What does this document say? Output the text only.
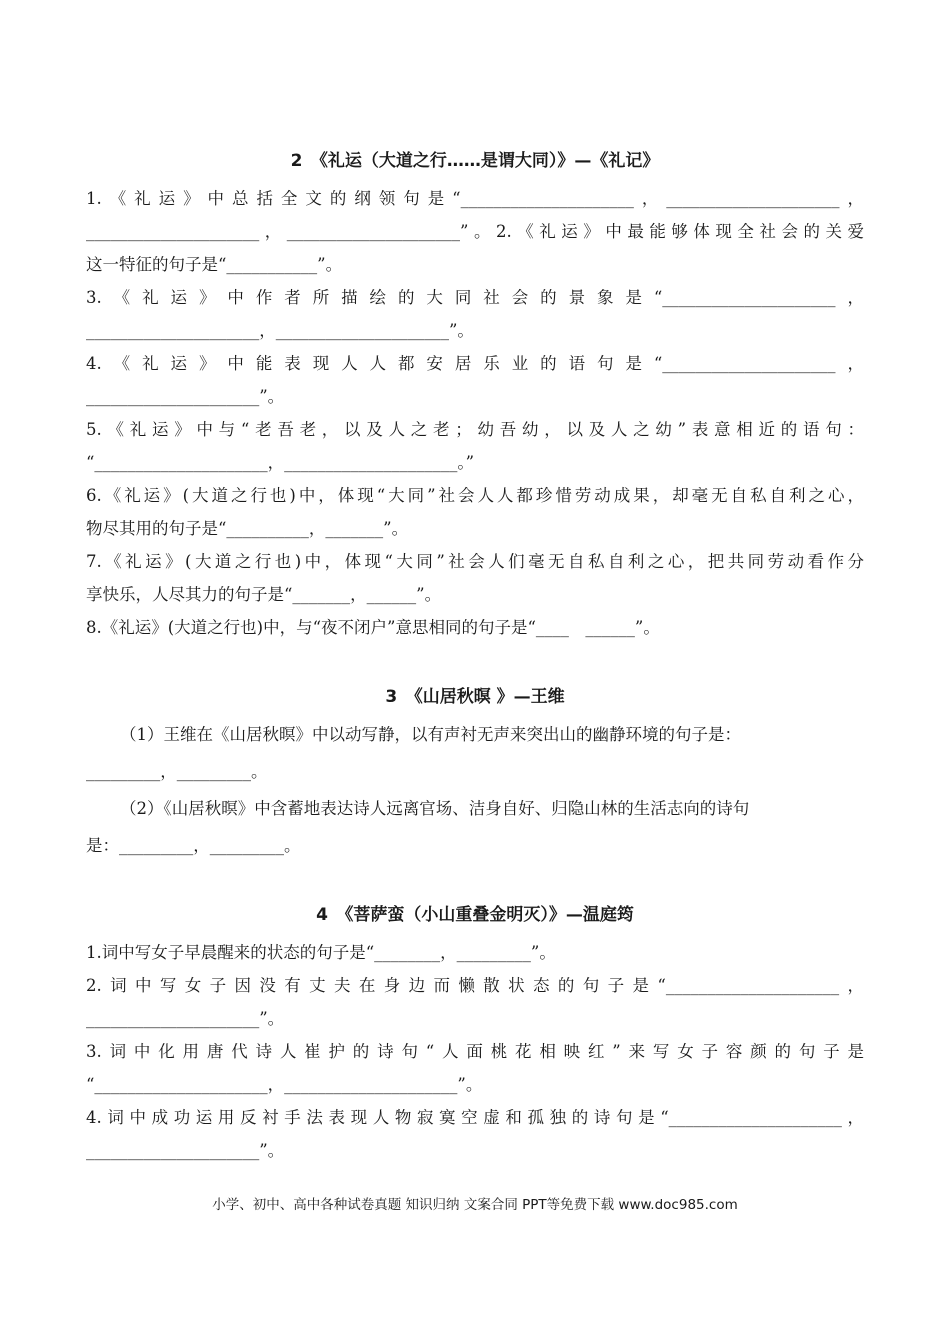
2　《礼运（大道之行……是谓大同）》—《礼记》
1.《礼运》中总括全文的纲领句是“_____________________，_____________________，
_____________________，_____________________”。2.《礼运》中最能够体现全社会的关爱
这一特征的句子是“___________”。
3.《礼运》中作者所描绘的大同社会的景象是“_____________________，
_____________________，_____________________”。
4.《礼运》中能表现人人都安居乐业的语句是“_____________________，
_____________________”。
5.《礼运》中与“老吾老，以及人之老；幼吾幼，以及人之幼”表意相近的语句：
“_____________________，_____________________。”
6.《礼运》(大道之行也)中，体现“大同”社会人人都珍惜劳动成果，却毫无自私自利之心，
物尽其用的句子是“__________，_______”。
7.《礼运》(大道之行也)中，体现“大同”社会人们毫无自私自利之心，把共同劳动看作分
享快乐，人尽其力的句子是“_______，______”。
8.《礼运》(大道之行也)中，与“夜不闭户”意思相同的句子是“____　______”。
3　《山居秋暝 》—王维
（1）王维在《山居秋暝》中以动写静，以有声衬无声来突出山的幽静环境的句子是：
_________，_________。
（2）《山居秋暝》中含蓄地表达诗人远离官场、洁身自好、归隐山林的生活志向的诗句
是：_________，_________。
4　《菩萨蛮（小山重叠金明灭）》—温庭筠
1.词中写女子早晨醒来的状态的句子是“________，_________”。
2.词中写女子因没有丈夫在身边而懒散状态的句子是“_____________________，
_____________________”。
3.词中化用唐代诗人崔护的诗句“人面桃花相映红”来写女子容颜的句子是
“_____________________，_____________________”。
4.词中成功运用反衬手法表现人物寂寞空虚和孤独的诗句是“_____________________，
_____________________”。
小学、初中、高中各种试卷真题 知识归纳 文案合同 PPT等免费下载 www.doc985.com
